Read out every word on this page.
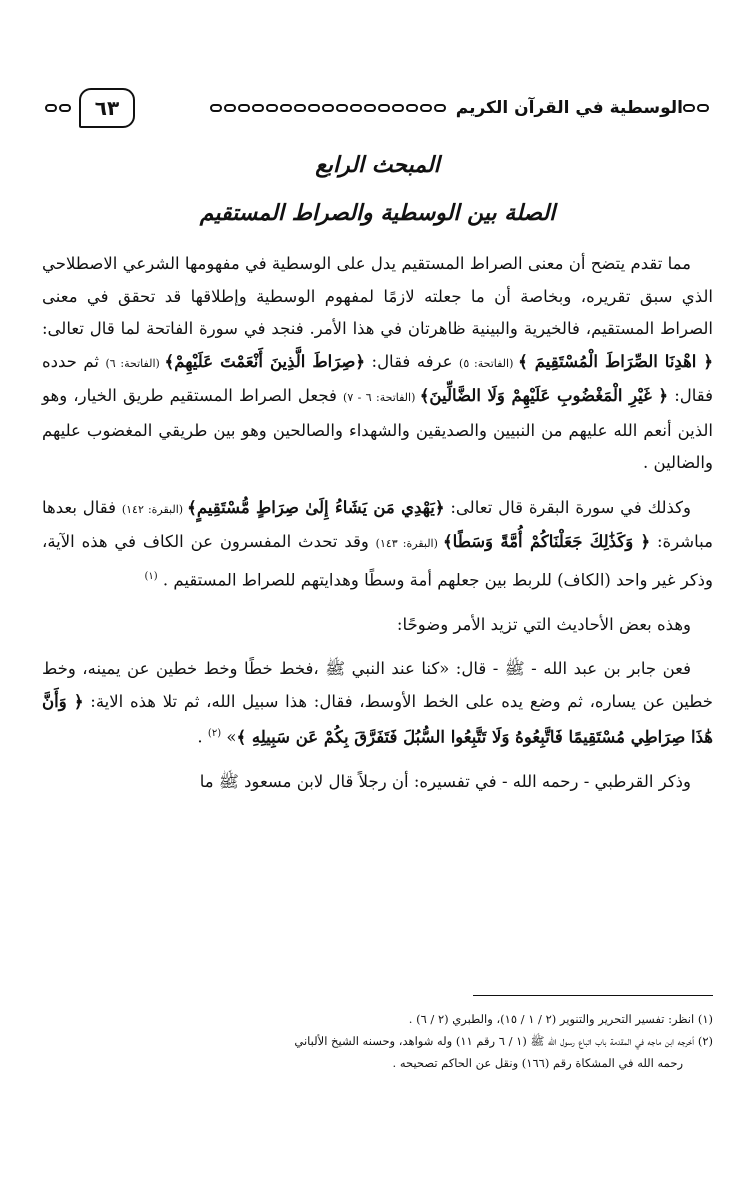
الوسطية في القرآن الكريم
٦٣
المبحث الرابع
الصلة بين الوسطية والصراط المستقيم

مما تقدم يتضح أن معنى الصراط المستقيم يدل على الوسطية في مفهومها الشرعي الاصطلاحي الذي سبق تقريره، وبخاصة أن ما جعلته لازمًا لمفهوم الوسطية وإطلاقها قد تحقق في معنى الصراط المستقيم، فالخيرية والبينية ظاهرتان في هذا الأمر. فنجد في سورة الفاتحة لما قال تعالى: ﴿ اهْدِنَا الصِّرَاطَ الْمُسْتَقِيمَ ﴾ (الفاتحة: ٥) عرفه فقال: ﴿صِرَاطَ الَّذِينَ أَنْعَمْتَ عَلَيْهِمْ﴾ (الفاتحة: ٦) ثم حدده فقال: ﴿ غَيْرِ الْمَغْضُوبِ عَلَيْهِمْ وَلَا الضَّالِّينَ﴾ (الفاتحة: ٦ - ٧) فجعل الصراط المستقيم طريق الخيار، وهو الذين أنعم الله عليهم من النبيين والصديقين والشهداء والصالحين وهو بين طريقي المغضوب عليهم والضالين .

وكذلك في سورة البقرة قال تعالى: ﴿يَهْدِي مَن يَشَاءُ إِلَىٰ صِرَاطٍ مُّسْتَقِيمٍ﴾ (البقرة: ١٤٢) فقال بعدها مباشرة: ﴿ وَكَذَٰلِكَ جَعَلْنَاكُمْ أُمَّةً وَسَطًا﴾ (البقرة: ١٤٣) وقد تحدث المفسرون عن الكاف في هذه الآية، وذكر غير واحد (الكاف) للربط بين جعلهم أمة وسطًا وهدايتهم للصراط المستقيم . $^{(١)}$

وهذه بعض الأحاديث التي تزيد الأمر وضوحًا:

فعن جابر بن عبد الله - ﷺ - قال: «كنا عند النبي ﷺ ،فخط خطًا وخط خطين عن يمينه، وخط خطين عن يساره، ثم وضع يده على الخط الأوسط، فقال: هذا سبيل الله، ثم تلا هذه الاية: ﴿ وَأَنَّ هَٰذَا صِرَاطِي مُسْتَقِيمًا فَاتَّبِعُوهُ وَلَا تَتَّبِعُوا السُّبُلَ فَتَفَرَّقَ بِكُمْ عَن سَبِيلِهِ ﴾» $^{(٢)}$ .

وذكر القرطبي - رحمه الله - في تفسيره: أن رجلاً قال لابن مسعود ﷺ ما

(١) انظر: تفسير التحرير والتنوير (٢ / ١ / ١٥)، والطبري (٢ / ٦) .

(٢) أخرجه ابن ماجه في المقدمة باب اتباع رسول الله ﷺ (١ / ٦ رقم ١١) وله شواهد، وحسنه الشيخ الألباني

رحمه الله في المشكاة رقم (١٦٦) ونقل عن الحاكم تصحيحه .
